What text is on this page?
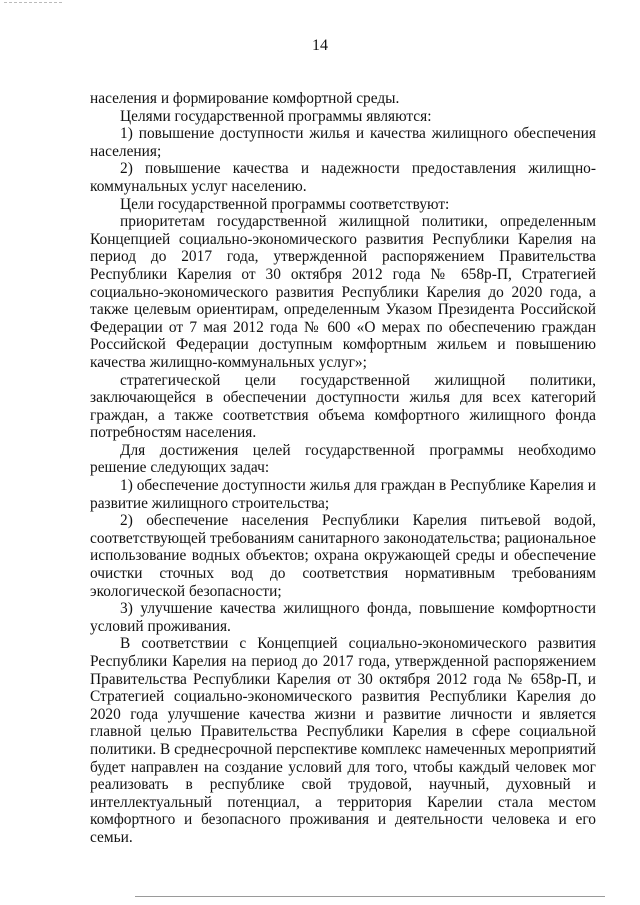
14

населения и формирование комфортной среды.

Целями государственной программы являются:

1) повышение доступности жилья и качества жилищного обеспечения населения;

2) повышение качества и надежности предоставления жилищно-коммунальных услуг населению.

Цели государственной программы соответствуют:

приоритетам государственной жилищной политики, определенным Концепцией социально-экономического развития Республики Карелия на период до 2017 года, утвержденной распоряжением Правительства Республики Карелия от 30 октября 2012 года № 658р-П, Стратегией социально-экономического развития Республики Карелия до 2020 года, а также целевым ориентирам, определенным Указом Президента Российской Федерации от 7 мая 2012 года № 600 «О мерах по обеспечению граждан Российской Федерации доступным комфортным жильем и повышению качества жилищно-коммунальных услуг»;

стратегической цели государственной жилищной политики, заключающейся в обеспечении доступности жилья для всех категорий граждан, а также соответствия объема комфортного жилищного фонда потребностям населения.

Для достижения целей государственной программы необходимо решение следующих задач:

1) обеспечение доступности жилья для граждан в Республике Карелия и развитие жилищного строительства;

2) обеспечение населения Республики Карелия питьевой водой, соответствующей требованиям санитарного законодательства; рациональное использование водных объектов; охрана окружающей среды и обеспечение очистки сточных вод до соответствия нормативным требованиям экологической безопасности;

3) улучшение качества жилищного фонда, повышение комфортности условий проживания.

В соответствии с Концепцией социально-экономического развития Республики Карелия на период до 2017 года, утвержденной распоряжением Правительства Республики Карелия от 30 октября 2012 года № 658р-П, и Стратегией социально-экономического развития Республики Карелия до 2020 года улучшение качества жизни и развитие личности и является главной целью Правительства Республики Карелия в сфере социальной политики. В среднесрочной перспективе комплекс намеченных мероприятий будет направлен на создание условий для того, чтобы каждый человек мог реализовать в республике свой трудовой, научный, духовный и интеллектуальный потенциал, а территория Карелии стала местом комфортного и безопасного проживания и деятельности человека и его семьи.
